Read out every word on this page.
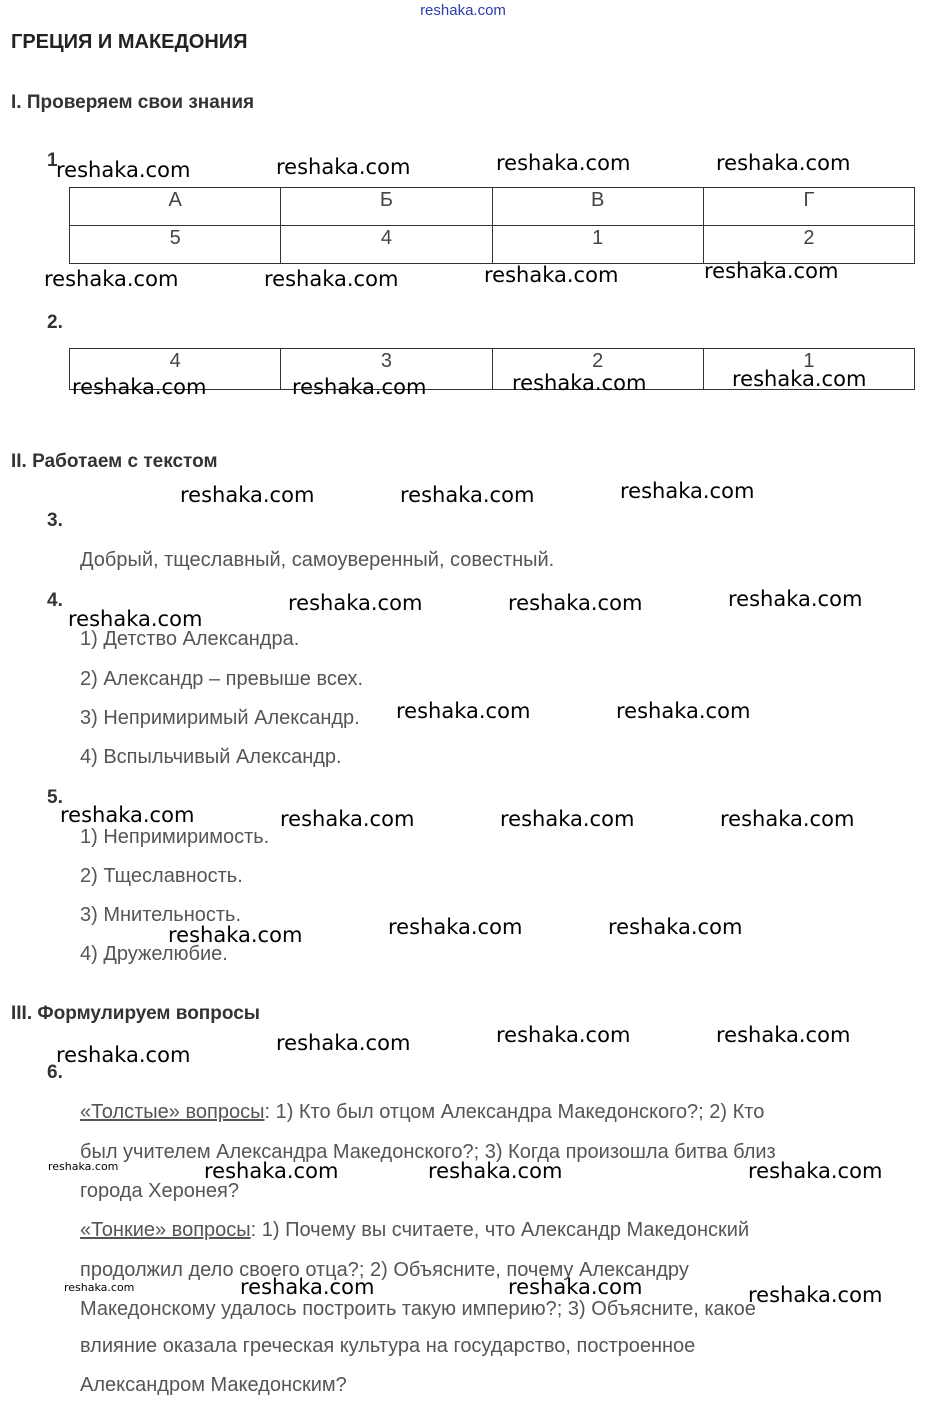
reshaka.com
ГРЕЦИЯ И МАКЕДОНИЯ
I. Проверяем свои знания
1
А	Б	В	Г
5	4	1	2
2.
4	3	2	1
II. Работаем с текстом
3.
Добрый, тщеславный, самоуверенный, совестный.
4.
1) Детство Александра.
2) Александр – превыше всех.
3) Непримиримый Александр.
4) Вспыльчивый Александр.
5.
1) Непримиримость.
2) Тщеславность.
3) Мнительность.
4) Дружелюбие.
III. Формулируем вопросы
6.
«Толстые» вопросы: 1) Кто был отцом Александра Македонского?; 2) Кто
был учителем Александра Македонского?; 3) Когда произошла битва близ
города Херонея?
«Тонкие» вопросы: 1) Почему вы считаете, что Александр Македонский
продолжил дело своего отца?; 2) Объясните, почему Александру
Македонскому удалось построить такую империю?; 3) Объясните, какое
влияние оказала греческая культура на государство, построенное
Александром Македонским?
reshaka.com	reshaka.com	reshaka.com	reshaka.com
reshaka.com	reshaka.com	reshaka.com	reshaka.com
reshaka.com	reshaka.com	reshaka.com	reshaka.com
reshaka.com	reshaka.com	reshaka.com
reshaka.com
reshaka.com	reshaka.com	reshaka.com
reshaka.com	reshaka.com
reshaka.com	reshaka.com	reshaka.com	reshaka.com
reshaka.com	reshaka.com	reshaka.com
reshaka.com	reshaka.com	reshaka.com	reshaka.com
reshaka.com	reshaka.com	reshaka.com	reshaka.com
reshaka.com	reshaka.com	reshaka.com	reshaka.com
